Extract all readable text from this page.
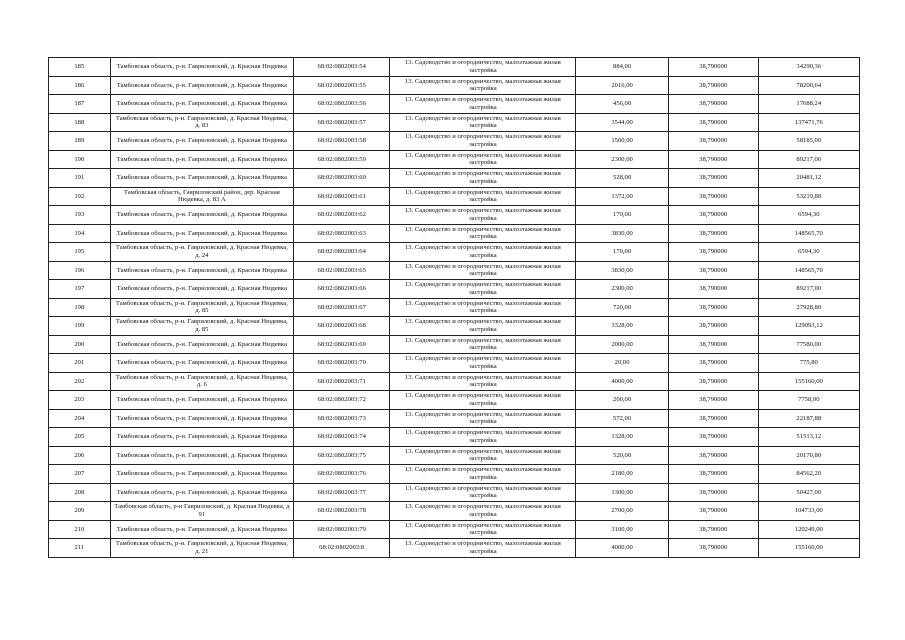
185	Тамбовская область, р-н. Гавриловский, д. Красная Нюдевка	68:02:0802003:54	13. Садоводство и огородничество, малоэтажная жилая застройка	884,00	38,790000	34290,36
186	Тамбовская область, р-н. Гавриловский, д. Красная Нюдевка	68:02:0802003:55	13. Садоводство и огородничество, малоэтажная жилая застройка	2016,00	38,790000	78200,64
187	Тамбовская область, р-н. Гавриловский, д. Красная Нюдевка	68:02:0802003:56	13. Садоводство и огородничество, малоэтажная жилая застройка	456,00	38,790000	17688,24
188	Тамбовская область, р-н. Гавриловский, д. Красная Нюдевка, д. 83	68:02:0802003:57	13. Садоводство и огородничество, малоэтажная жилая застройка	3544,00	38,790000	137471,76
189	Тамбовская область, р-н. Гавриловский, д. Красная Нюдевка	68:02:0802003:58	13. Садоводство и огородничество, малоэтажная жилая застройка	1500,00	38,790000	58185,00
190	Тамбовская область, р-н. Гавриловский, д. Красная Нюдевка	68:02:0802003:59	13. Садоводство и огородничество, малоэтажная жилая застройка	2300,00	38,790000	89217,00
191	Тамбовская область, р-н. Гавриловский, д. Красная Нюдевка	68:02:0802003:60	13. Садоводство и огородничество, малоэтажная жилая застройка	528,00	38,790000	20481,12
192	Тамбовская область, Гавриловский район, дер. Красная Нюдевка, д. 83 А	68:02:0802003:61	13. Садоводство и огородничество, малоэтажная жилая застройка	1372,00	38,790000	53219,88
193	Тамбовская область, р-н. Гавриловский, д. Красная Нюдевка	68:02:0802003:62	13. Садоводство и огородничество, малоэтажная жилая застройка	170,00	38,790000	6594,30
194	Тамбовская область, р-н. Гавриловский, д. Красная Нюдевка	68:02:0802003:63	13. Садоводство и огородничество, малоэтажная жилая застройка	3830,00	38,790000	148565,70
195	Тамбовская область, р-н. Гавриловский, д. Красная Нюдевка, д. 24	68:02:0802003:64	13. Садоводство и огородничество, малоэтажная жилая застройка	170,00	38,790000	6594,30
196	Тамбовская область, р-н. Гавриловский, д. Красная Нюдевка	68:02:0802003:65	13. Садоводство и огородничество, малоэтажная жилая застройка	3830,00	38,790000	148565,70
197	Тамбовская область, р-н. Гавриловский, д. Красная Нюдевка	68:02:0802003:66	13. Садоводство и огородничество, малоэтажная жилая застройка	2300,00	38,790000	89217,00
198	Тамбовская область, р-н. Гавриловский, д. Красная Нюдевка, д. 85	68:02:0802003:67	13. Садоводство и огородничество, малоэтажная жилая застройка	720,00	38,790000	27928,80
199	Тамбовская область, р-н. Гавриловский, д. Красная Нюдевка, д. 85	68:02:0802003:68	13. Садоводство и огородничество, малоэтажная жилая застройка	3328,00	38,790000	129093,12
200	Тамбовская область, р-н. Гавриловский, д. Красная Нюдевка	68:02:0802003:69	13. Садоводство и огородничество, малоэтажная жилая застройка	2000,00	38,790000	77580,00
201	Тамбовская область, р-н. Гавриловский, д. Красная Нюдевка	68:02:0802003:70	13. Садоводство и огородничество, малоэтажная жилая застройка	20,00	38,790000	775,80
202	Тамбовская область, р-н. Гавриловский, д. Красная Нюдевка, д. 6	68:02:0802003:71	13. Садоводство и огородничество, малоэтажная жилая застройка	4000,00	38,790000	155160,00
203	Тамбовская область, р-н. Гавриловский, д. Красная Нюдевка	68:02:0802003:72	13. Садоводство и огородничество, малоэтажная жилая застройка	200,00	38,790000	7758,00
204	Тамбовская область, р-н. Гавриловский, д. Красная Нюдевка	68:02:0802003:73	13. Садоводство и огородничество, малоэтажная жилая застройка	572,00	38,790000	22187,88
205	Тамбовская область, р-н. Гавриловский, д. Красная Нюдевка	68:02:0802003:74	13. Садоводство и огородничество, малоэтажная жилая застройка	1328,00	38,790000	51513,12
206	Тамбовская область, р-н. Гавриловский, д. Красная Нюдевка	68:02:0802003:75	13. Садоводство и огородничество, малоэтажная жилая застройка	520,00	38,790000	20170,80
207	Тамбовская область, р-н. Гавриловский, д. Красная Нюдевка	68:02:0802003:76	13. Садоводство и огородничество, малоэтажная жилая застройка	2180,00	38,790000	84562,20
208	Тамбовская область, р-н. Гавриловский, д. Красная Нюдевка	68:02:0802003:77	13. Садоводство и огородничество, малоэтажная жилая застройка	1300,00	38,790000	50427,00
209	Тамбовская область, р-н Гавриловский, д. Красная Нюдевка, д 91	68:02:0802003:78	13. Садоводство и огородничество, малоэтажная жилая застройка	2700,00	38,790000	104733,00
210	Тамбовская область, р-н. Гавриловский, д. Красная Нюдевка	68:02:0802003:79	13. Садоводство и огородничество, малоэтажная жилая застройка	3100,00	38,790000	120249,00
211	Тамбовская область, р-н. Гавриловский, д. Красная Нюдевка, д. 21	68:02:0802003:8	13. Садоводство и огородничество, малоэтажная жилая застройка	4000,00	38,790000	155160,00
